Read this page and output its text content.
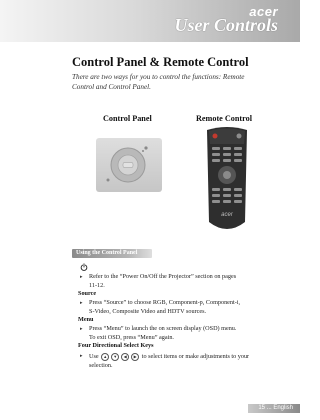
acer
User Controls
Control Panel & Remote Control
There are two ways for you to control the functions: Remote
Control and Control Panel.
Control Panel	Remote Control
acer
Using the Control Panel
▸ Refer to the “Power On/Off the Projector” section on pages
11-12.
Source
▸ Press “Source” to choose RGB, Component-p, Component-i,
S-Video, Composite Video and HDTV sources.
Menu
▸ Press “Menu” to launch the on screen display (OSD) menu.
To exit OSD, press “Menu” again.
Four Directional Select Keys
▸ Use ▲ ▼ ◀ ▶ to select items or make adjustments to your
selection.
15 ... English
